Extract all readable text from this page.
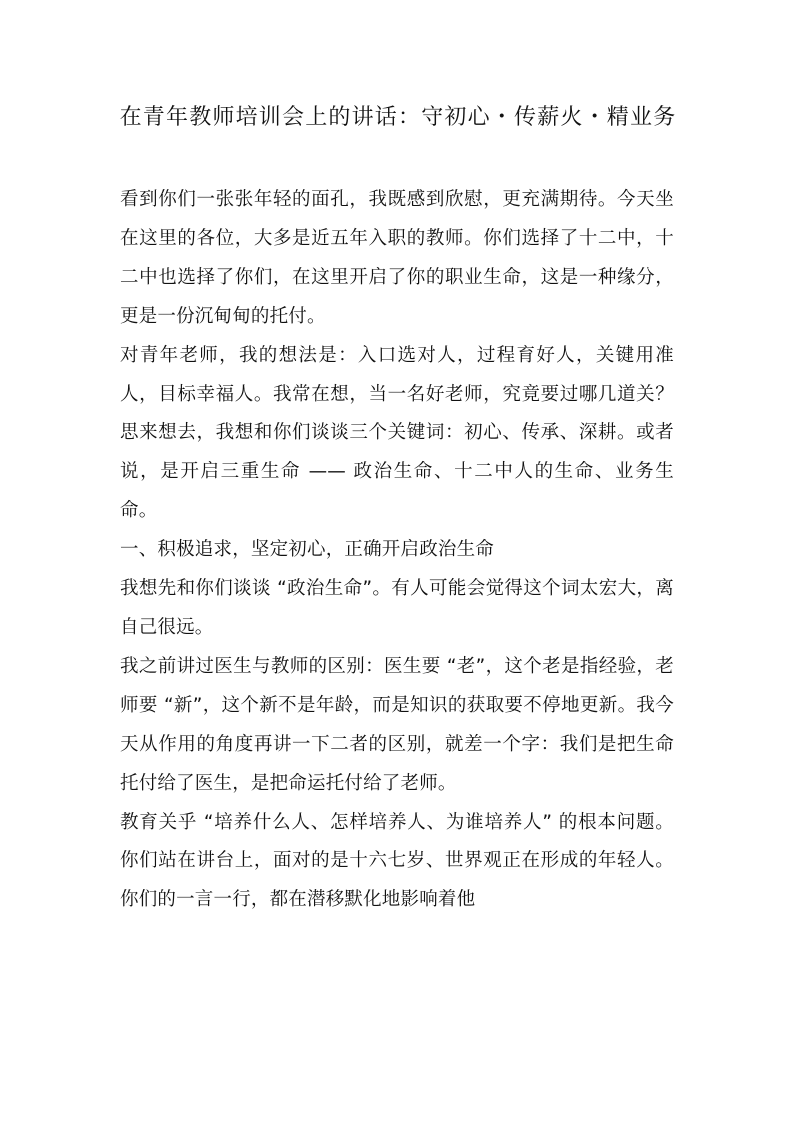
在青年教师培训会上的讲话：守初心・传薪火・精业务

看到你们一张张年轻的面孔，我既感到欣慰，更充满期待。今天坐在这里的各位，大多是近五年入职的教师。你们选择了十二中，十二中也选择了你们，在这里开启了你的职业生命，这是一种缘分，更是一份沉甸甸的托付。

对青年老师，我的想法是：入口选对人，过程育好人，关键用准人，目标幸福人。我常在想，当一名好老师，究竟要过哪几道关？思来想去，我想和你们谈谈三个关键词：初心、传承、深耕。或者说，是开启三重生命 —— 政治生命、十二中人的生命、业务生命。

一、积极追求，坚定初心，正确开启政治生命

我想先和你们谈谈 “政治生命”。有人可能会觉得这个词太宏大，离自己很远。

我之前讲过医生与教师的区别：医生要 “老”，这个老是指经验，老师要 “新”，这个新不是年龄，而是知识的获取要不停地更新。我今天从作用的角度再讲一下二者的区别，就差一个字：我们是把生命托付给了医生，是把命运托付给了老师。

教育关乎 “培养什么人、怎样培养人、为谁培养人” 的根本问题。你们站在讲台上，面对的是十六七岁、世界观正在形成的年轻人。你们的一言一行，都在潜移默化地影响着他
